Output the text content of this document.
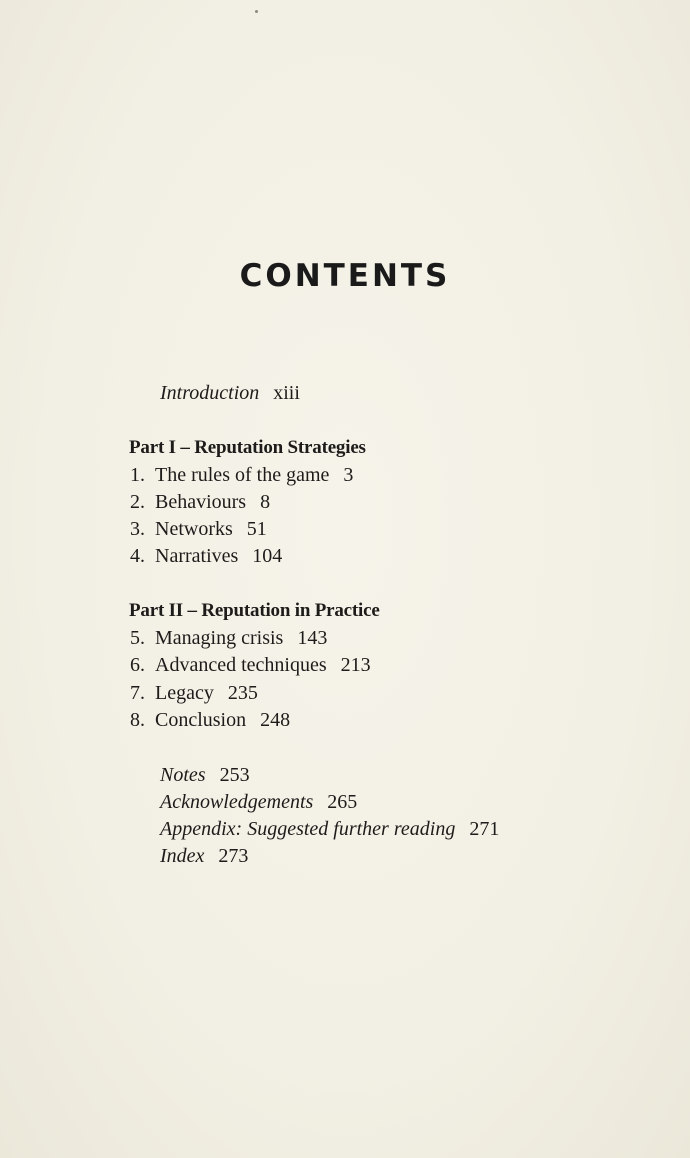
CONTENTS
Introduction xiii
Part I – Reputation Strategies
1. The rules of the game 3
2. Behaviours 8
3. Networks 51
4. Narratives 104
Part II – Reputation in Practice
5. Managing crisis 143
6. Advanced techniques 213
7. Legacy 235
8. Conclusion 248
Notes 253
Acknowledgements 265
Appendix: Suggested further reading 271
Index 273
